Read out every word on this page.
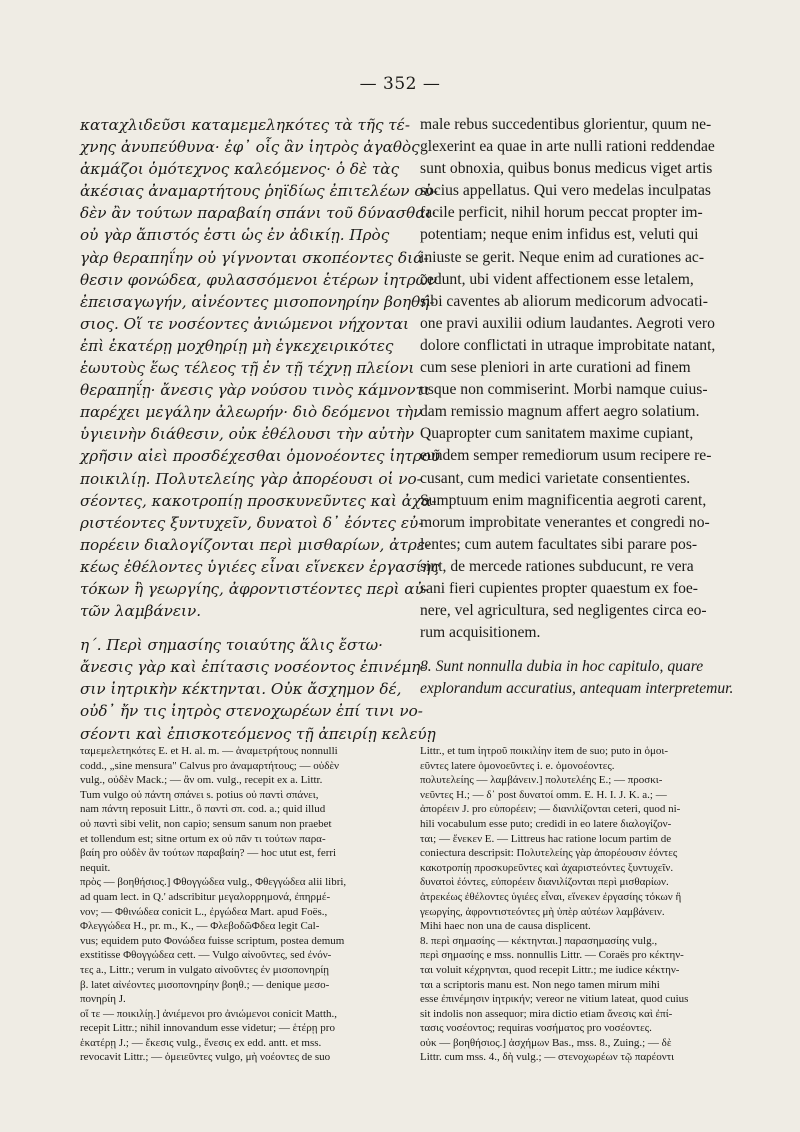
— 352 —
καταχλιδεῦσι καταμεμεληκότες τὰ τῆς τέ-
χνης ἀνυπεύθυνα· ἐφ᾽ οἷς ἂν ἰητρὸς ἀγαθὸς
ἀκμάζοι ὁμότεχνος καλεόμενος· ὁ δὲ τὰς
ἀκέσιας ἀναμαρτήτους ῥηϊδίως ἐπιτελέων οὐ-
δὲν ἂν τούτων παραβαίη σπάνι τοῦ δύνασθαι·
οὐ γὰρ ἄπιστός ἐστι ὡς ἐν ἀδικίῃ. Πρὸς
γὰρ θεραπηΐην οὐ γίγνονται σκοπέοντες διά-
θεσιν φονώδεα, φυλασσόμενοι ἑτέρων ἰητρῶν
ἐπεισαγωγήν, αἰνέοντες μισοπονηρίην βοηθή-
σιος. Οἵ τε νοσέοντες ἀνιώμενοι νήχονται
ἐπὶ ἑκατέρῃ μοχθηρίῃ μὴ ἐγκεχειρικότες
ἑωυτοὺς ἕως τέλεος τῇ ἐν τῇ τέχνῃ πλείονι
θεραπηΐῃ· ἄνεσις γὰρ νούσου τινὸς κάμνοντι
παρέχει μεγάλην ἀλεωρήν· διὸ δεόμενοι τὴν
ὑγιεινὴν διάθεσιν, οὐκ ἐθέλουσι τὴν αὐτὴν
χρῆσιν αἰεὶ προσδέχεσθαι ὁμονοέοντες ἰητροῦ
ποικιλίῃ. Πολυτελείης γὰρ ἀπορέουσι οἱ νο-
σέοντες, κακοτροπίῃ προσκυνεῦντες καὶ ἀχα-
ριστέοντες ξυντυχεῖν, δυνατοὶ δ᾽ ἐόντες εὐ-
πορέειν διαλογίζονται περὶ μισθαρίων, ἀτρε-
κέως ἐθέλοντες ὑγιέες εἶναι εἵνεκεν ἐργασίης
τόκων ἢ γεωργίης, ἀφροντιστέοντες περὶ αὐ-
τῶν λαμβάνειν.
η΄. Περὶ σημασίης τοιαύτης ἅλις ἔστω·
ἄνεσις γὰρ καὶ ἐπίτασις νοσέοντος ἐπινέμη-
σιν ἰητρικὴν κέκτηνται. Οὐκ ἄσχημον δέ,
οὐδ᾽ ἤν τις ἰητρὸς στενοχωρέων ἐπί τινι νο-
σέοντι καὶ ἐπισκοτεόμενος τῇ ἀπειρίῃ κελεύῃ
male rebus succedentibus glorientur, quum ne-
glexerint ea quae in arte nulli rationi reddendae
sunt obnoxia, quibus bonus medicus viget artis
socius appellatus. Qui vero medelas inculpatas
facile perficit, nihil horum peccat propter im-
potentiam; neque enim infidus est, veluti qui
iniuste se gerit. Neque enim ad curationes ac-
cedunt, ubi vident affectionem esse letalem,
sibi caventes ab aliorum medicorum advocati-
one pravi auxilii odium laudantes. Aegroti vero
dolore conflictati in utraque improbitate natant,
cum sese pleniori in arte curationi ad finem
usque non commiserint. Morbi namque cuius-
dam remissio magnum affert aegro solatium.
Quapropter cum sanitatem maxime cupiant,
eundem semper remediorum usum recipere re-
cusant, cum medici varietate consentientes.
Sumptuum enim magnificentia aegroti carent,
morum improbitate venerantes et congredi no-
lentes; cum autem facultates sibi parare pos-
sint, de mercede rationes subducunt, re vera
sani fieri cupientes propter quaestum ex foe-
nere, vel agricultura, sed negligentes circa eo-
rum acquisitionem.
8. Sunt nonnulla dubia in hoc capitulo, quare
explorandum accuratius, antequam interpretemur.
ταμεμελετηκότες E. et H. al. m. — ἀναμετρήτους nonnulli
codd., „sine mensura" Calvus pro ἀναμαρτήτους; — οὐδὲν
vulg., οὐδὲν Mack.; — ἂν om. vulg., recepit ex a. Littr.
Tum vulgo οὐ πάντη σπάνει s. potius οὐ παντὶ σπάνει,
nam πάντη reposuit Littr., ὃ παντὶ σπ. cod. a.; quid illud
οὐ παντὶ sibi velit, non capio; sensum sanum non praebet
et tollendum est; sitne ortum ex οὐ πᾶν τι τούτων παρα-
βαίη pro οὐδὲν ἂν τούτων παραβαίη? — hoc utut est, ferri
nequit.
πρὸς — βοηθήσιος.] Φθογγώδεα vulg., Φθεγγώδεα alii libri,
ad quam lect. in Q.' adscribitur μεγαλορρημονά, ἐπηρμέ-
νον; — Φθινώδεα conicit L., ἐργώδεα Mart. apud Foës.,
Φλεγγώδεα H., pr. m., K., — ΦλεβοδῶΦδεα legit Cal-
vus; equidem puto Φονώδεα fuisse scriptum, postea demum
exstitisse Φθογγώδεα cett. — Vulgo αἰνοῦντες, sed ἐνόν-
τες a., Littr.; verum in vulgato αἰνοῦντες ἐν μισοπονηρίῃ
β. latet αἰνέοντες μισοπονηρίην βοηθ.; — denique μεσο-
πονηρίη J.
οἵ τε — ποικιλίῃ.] ἀνιέμενοι pro ἀνιώμενοι conicit Matth.,
recepit Littr.; nihil innovandum esse videtur; — ἑτέρῃ pro
ἑκατέρῃ J.; — ἔκεσις vulg., ἔνεσις ex edd. antt. et mss.
revocavit Littr.; — ὁμειεῦντες vulgo, μὴ νοέοντες de suo
Littr., et tum ἰητροῦ ποικιλίην item de suo; puto in ὁμοι-
εῦντες latere ὁμονοεῦντες i. e. ὁμονοέοντες.
πολυτελείης — λαμβάνειν.] πολυτελέης E.; — προσκι-
νεῦντες H.; — δ᾽ post δυνατοί omm. E. H. I. J. K. a.; —
ἀπορέειν J. pro εὐπορέειν; — διανιλίζονται ceteri, quod ni-
hili vocabulum esse puto; credidi in eo latere διαλογίζον-
ται; — ἕνεκεν E. — Littreus hac ratione locum partim de
coniectura descripsit: Πολυτελείης γὰρ ἀπορέουσιν ἐόντες
κακοτροπίῃ προσκυρεῦντες καὶ ἀχαριστεόντες ξυντυχεῖν.
δυνατοὶ ἐόντες, εὐπορέειν διανιλίζονται περὶ μισθαρίων.
ἀτρεκέως ἐθέλοντες ὑγιέες εἶναι, εἵνεκεν ἐργασίης τόκων ἢ
γεωργίης, ἀφροντιστεόντες μὴ ὑπὲρ αὐτέων λαμβάνειν.
Mihi haec non una de causa displicent.
8. περὶ σημασίης — κέκτηνται.] παρασημασίης vulg.,
περὶ σημασίης e mss. nonnullis Littr. — Coraës pro κέκτην-
ται voluit κέχρηνται, quod recepit Littr.; me iudice κέκτην-
ται a scriptoris manu est. Non nego tamen mirum mihi
esse ἐπινέμησιν ἰητρικήν; vereor ne vitium lateat, quod cuius
sit indolis non assequor; mira dictio etiam ἄνεσις καὶ ἐπί-
τασις νοσέοντος; requiras νοσήματος pro νοσέοντες.
οὐκ — βοηθήσιος.] ἀσχήμων Bas., mss. 8., Zuing.; — δὲ
Littr. cum mss. 4., δὴ vulg.; — στενοχωρέων τῷ παρέοντι
